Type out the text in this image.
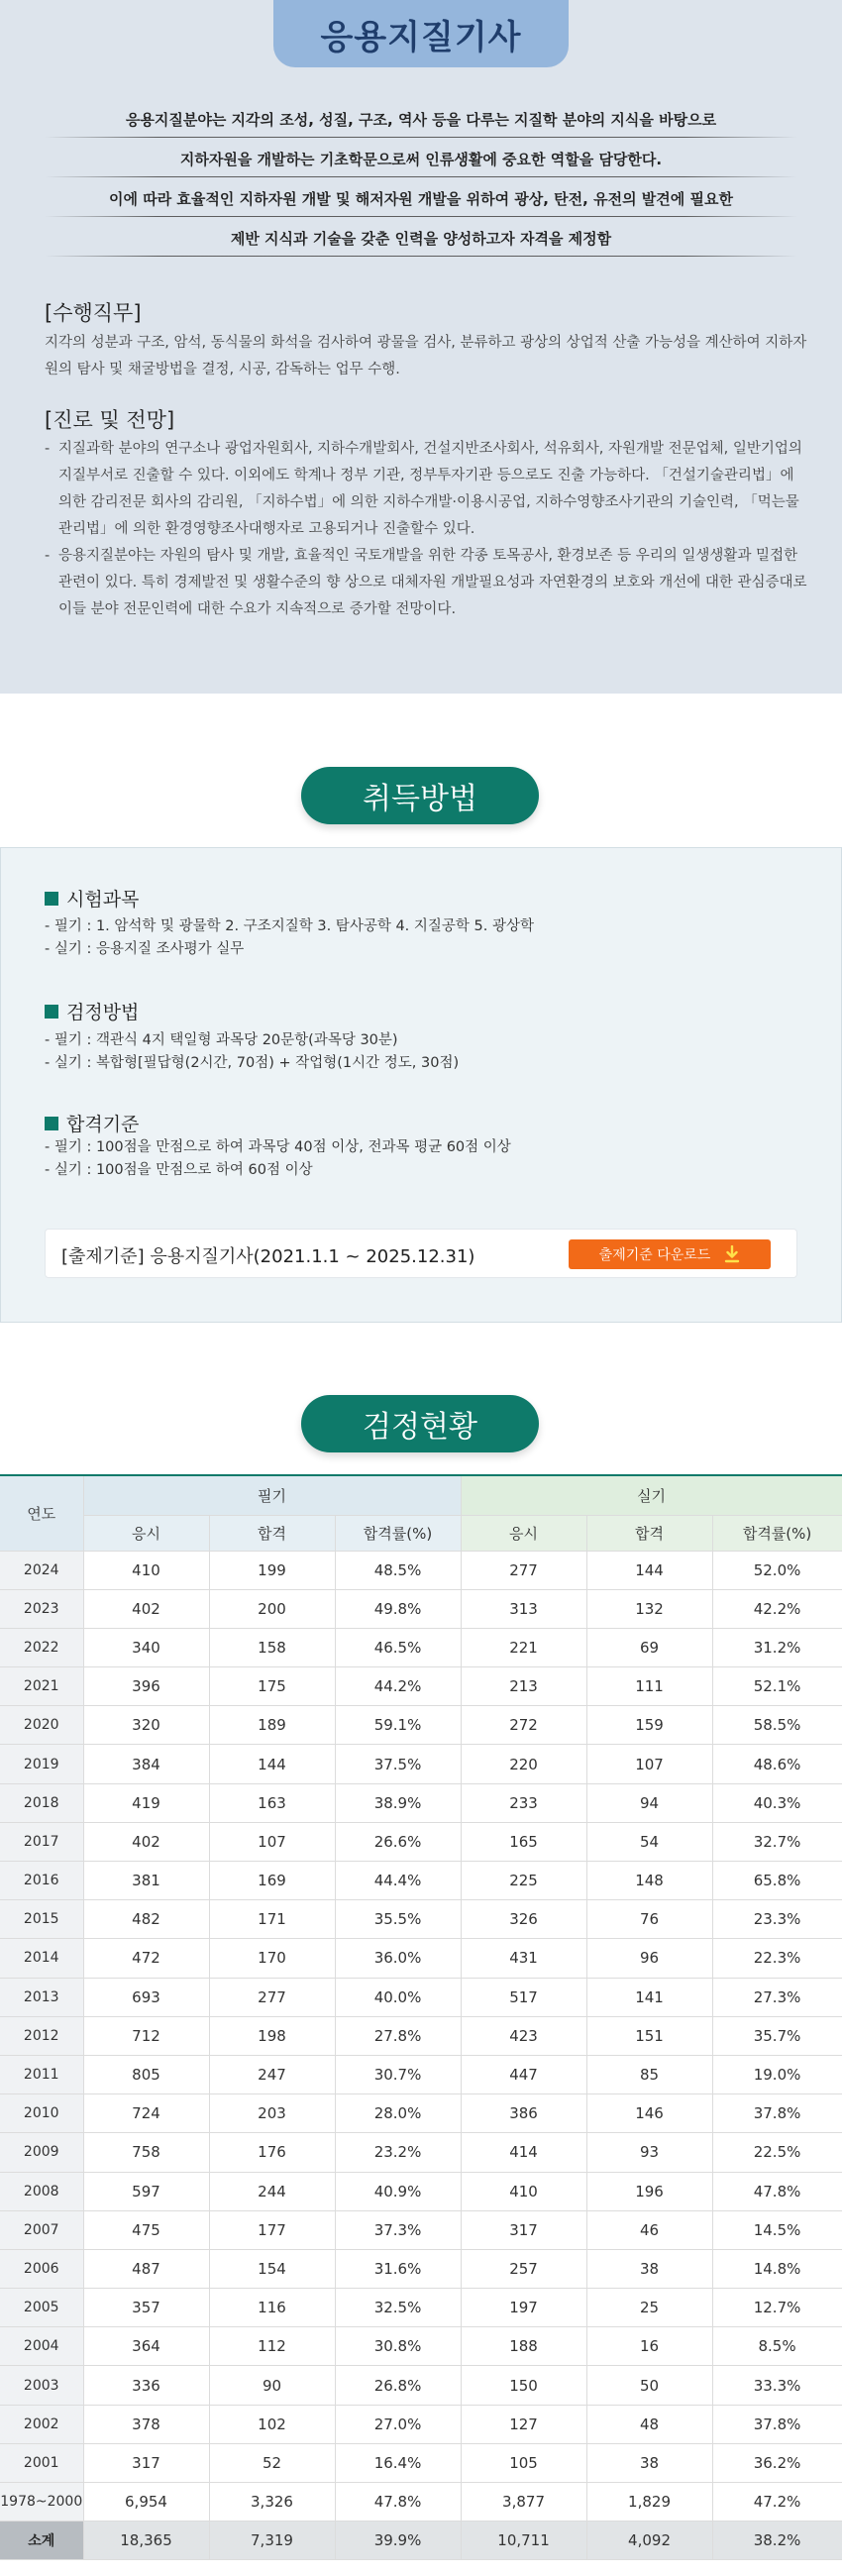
응용지질기사
응용지질분야는 지각의 조성, 성질, 구조, 역사 등을 다루는 지질학 분야의 지식을 바탕으로
지하자원을 개발하는 기초학문으로써 인류생활에 중요한 역할을 담당한다.
이에 따라 효율적인 지하자원 개발 및 해저자원 개발을 위하여 광상, 탄전, 유전의 발견에 필요한
제반 지식과 기술을 갖춘 인력을 양성하고자 자격을 제정함
[수행직무]
지각의 성분과 구조, 암석, 동식물의 화석을 검사하여 광물을 검사, 분류하고 광상의 상업적 산출 가능성을 계산하여 지하자원의 탐사 및 채굴방법을 결정, 시공, 감독하는 업무 수행.
[진로 및 전망]
- 지질과학 분야의 연구소나 광업자원회사, 지하수개발회사, 건설지반조사회사, 석유회사, 자원개발 전문업체, 일반기업의 지질부서로 진출할 수 있다. 이외에도 학계나 정부 기관, 정부투자기관 등으로도 진출 가능하다. 「건설기술관리법」에 의한 감리전문 회사의 감리원, 「지하수법」에 의한 지하수개발·이용시공업, 지하수영향조사기관의 기술인력, 「먹는물관리법」에 의한 환경영향조사대행자로 고용되거나 진출할수 있다.
- 응용지질분야는 자원의 탐사 및 개발, 효율적인 국토개발을 위한 각종 토목공사, 환경보존 등 우리의 일생생활과 밀접한 관련이 있다. 특히 경제발전 및 생활수준의 향 상으로 대체자원 개발필요성과 자연환경의 보호와 개선에 대한 관심증대로 이들 분야 전문인력에 대한 수요가 지속적으로 증가할 전망이다.
취득방법
시험과목
- 필기 : 1. 암석학 및 광물학 2. 구조지질학 3. 탐사공학 4. 지질공학 5. 광상학
- 실기 : 응용지질 조사평가 실무
검정방법
- 필기 : 객관식 4지 택일형 과목당 20문항(과목당 30분)
- 실기 : 복합형[필답형(2시간, 70점) + 작업형(1시간 정도, 30점)
합격기준
- 필기 : 100점을 만점으로 하여 과목당 40점 이상, 전과목 평균 60점 이상
- 실기 : 100점을 만점으로 하여 60점 이상
[출제기준] 응용지질기사(2021.1.1 ~ 2025.12.31)	출제기준 다운로드
검정현황
연도	필기			실기		
	응시	합격	합격률(%)	응시	합격	합격률(%)
2024	410	199	48.5%	277	144	52.0%
2023	402	200	49.8%	313	132	42.2%
2022	340	158	46.5%	221	69	31.2%
2021	396	175	44.2%	213	111	52.1%
2020	320	189	59.1%	272	159	58.5%
2019	384	144	37.5%	220	107	48.6%
2018	419	163	38.9%	233	94	40.3%
2017	402	107	26.6%	165	54	32.7%
2016	381	169	44.4%	225	148	65.8%
2015	482	171	35.5%	326	76	23.3%
2014	472	170	36.0%	431	96	22.3%
2013	693	277	40.0%	517	141	27.3%
2012	712	198	27.8%	423	151	35.7%
2011	805	247	30.7%	447	85	19.0%
2010	724	203	28.0%	386	146	37.8%
2009	758	176	23.2%	414	93	22.5%
2008	597	244	40.9%	410	196	47.8%
2007	475	177	37.3%	317	46	14.5%
2006	487	154	31.6%	257	38	14.8%
2005	357	116	32.5%	197	25	12.7%
2004	364	112	30.8%	188	16	8.5%
2003	336	90	26.8%	150	50	33.3%
2002	378	102	27.0%	127	48	37.8%
2001	317	52	16.4%	105	38	36.2%
1978~2000	6,954	3,326	47.8%	3,877	1,829	47.2%
소계	18,365	7,319	39.9%	10,711	4,092	38.2%
